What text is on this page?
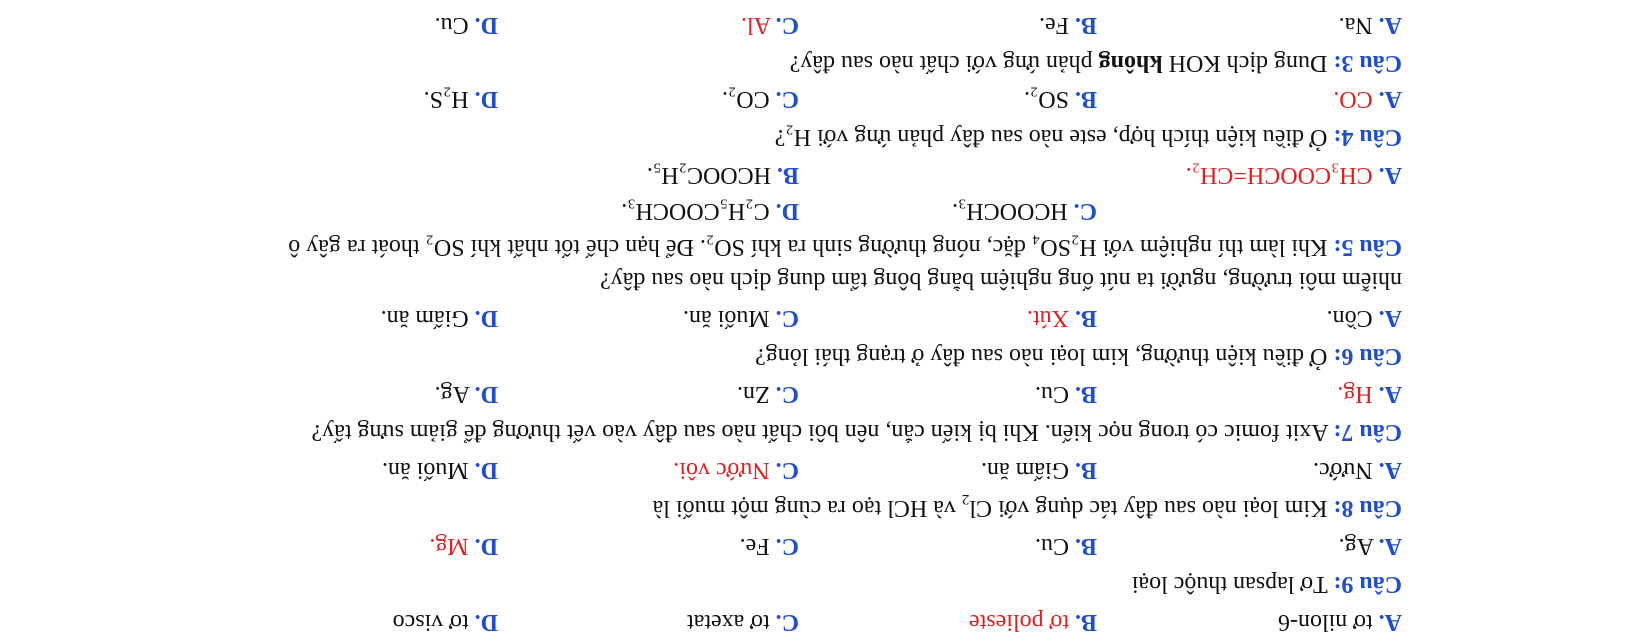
A. tơ nilon-6
B. tơ polieste
C. tơ axetat
D. tơ visco
Câu 9: Tơ lapsan thuộc loại
A. Ag.
B. Cu.
C. Fe.
D. Mg.
Câu 8: Kim loại nào sau đây tác dụng với $Cl_2$ và HCl tạo ra cùng một muối là
A. Nước.
B. Giấm ăn.
C. Nước vôi.
D. Muối ăn.
Câu 7: Axit fomic có trong nọc kiến. Khi bị kiến cắn, nên bôi chất nào sau đây vào vết thương để giảm sưng tấy?
A. Hg.
B. Cu.
C. Zn.
D. Ag.
Câu 6: Ở điều kiện thường, kim loại nào sau đây ở trạng thái lỏng?
A. Cồn.
B. Xút.
C. Muối ăn.
D. Giấm ăn.
nhiễm môi trường, người ta nút ống nghiệm bằng bông tẩm dung dịch nào sau đây?
Câu 5: Khi làm thí nghiệm với H₂SO₄ đặc, nóng thường sinh ra khí SO₂. Để hạn chế tốt nhất khí SO₂ thoát ra gây ô
C. HCOOCH₃.
D. C₂H₅COOCH₃.
A. CH₃COOCH=CH₂.
B. HCOOC₂H₅.
Câu 4: Ở điều kiện thích hợp, este nào sau đây phản ứng với H₂?
A. CO.
B. SO₂.
C. CO₂.
D. H₂S.
Câu 3: Dung dịch KOH không phản ứng với chất nào sau đây?
A. Na.
B. Fe.
C. Al.
D. Cu.
